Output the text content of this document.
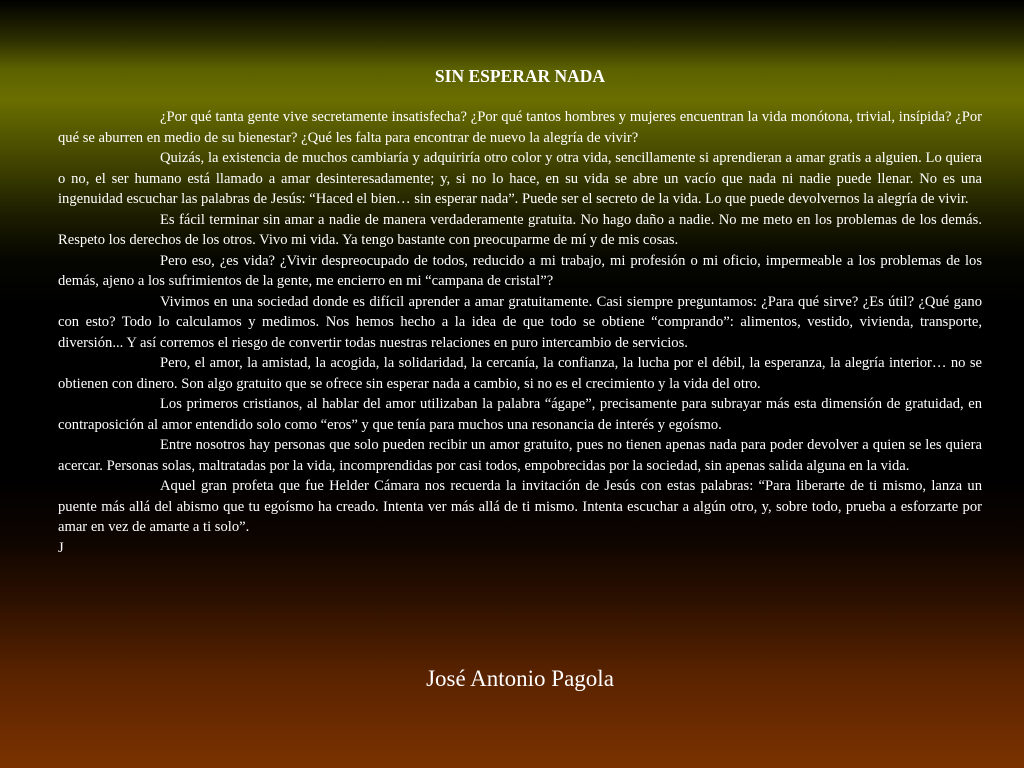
SIN ESPERAR NADA

¿Por qué tanta gente vive secretamente insatisfecha? ¿Por qué tantos hombres y mujeres encuentran la vida monótona, trivial, insípida? ¿Por qué se aburren en medio de su bienestar? ¿Qué les falta para encontrar de nuevo la alegría de vivir?

Quizás, la existencia de muchos cambiaría y adquiriría otro color y otra vida, sencillamente si aprendieran a amar gratis a alguien. Lo quiera o no, el ser humano está llamado a amar desinteresadamente; y, si no lo hace, en su vida se abre un vacío que nada ni nadie puede llenar. No es una ingenuidad escuchar las palabras de Jesús: “Haced el bien… sin esperar nada”. Puede ser el secreto de la vida. Lo que puede devolvernos la alegría de vivir.

Es fácil terminar sin amar a nadie de manera verdaderamente gratuita. No hago daño a nadie. No me meto en los problemas de los demás. Respeto los derechos de los otros. Vivo mi vida. Ya tengo bastante con preocuparme de mí y de mis cosas.

Pero eso, ¿es vida? ¿Vivir despreocupado de todos, reducido a mi trabajo, mi profesión o mi oficio, impermeable a los problemas de los demás, ajeno a los sufrimientos de la gente, me encierro en mi “campana de cristal”?

Vivimos en una sociedad donde es difícil aprender a amar gratuitamente. Casi siempre preguntamos: ¿Para qué sirve? ¿Es útil? ¿Qué gano con esto? Todo lo calculamos y medimos. Nos hemos hecho a la idea de que todo se obtiene “comprando”: alimentos, vestido, vivienda, transporte, diversión... Y así corremos el riesgo de convertir todas nuestras relaciones en puro intercambio de servicios.

Pero, el amor, la amistad, la acogida, la solidaridad, la cercanía, la confianza, la lucha por el débil, la esperanza, la alegría interior… no se obtienen con dinero. Son algo gratuito que se ofrece sin esperar nada a cambio, si no es el crecimiento y la vida del otro.

Los primeros cristianos, al hablar del amor utilizaban la palabra “ágape”, precisamente para subrayar más esta dimensión de gratuidad, en contraposición al amor entendido solo como “eros” y que tenía para muchos una resonancia de interés y egoísmo.

Entre nosotros hay personas que solo pueden recibir un amor gratuito, pues no tienen apenas nada para poder devolver a quien se les quiera acercar. Personas solas, maltratadas por la vida, incomprendidas por casi todos, empobrecidas por la sociedad, sin apenas salida alguna en la vida.

Aquel gran profeta que fue Helder Cámara nos recuerda la invitación de Jesús con estas palabras: “Para liberarte de ti mismo, lanza un puente más allá del abismo que tu egoísmo ha creado. Intenta ver más allá de ti mismo. Intenta escuchar a algún otro, y, sobre todo, prueba a esforzarte por amar en vez de amarte a ti solo”.

J

José Antonio Pagola
